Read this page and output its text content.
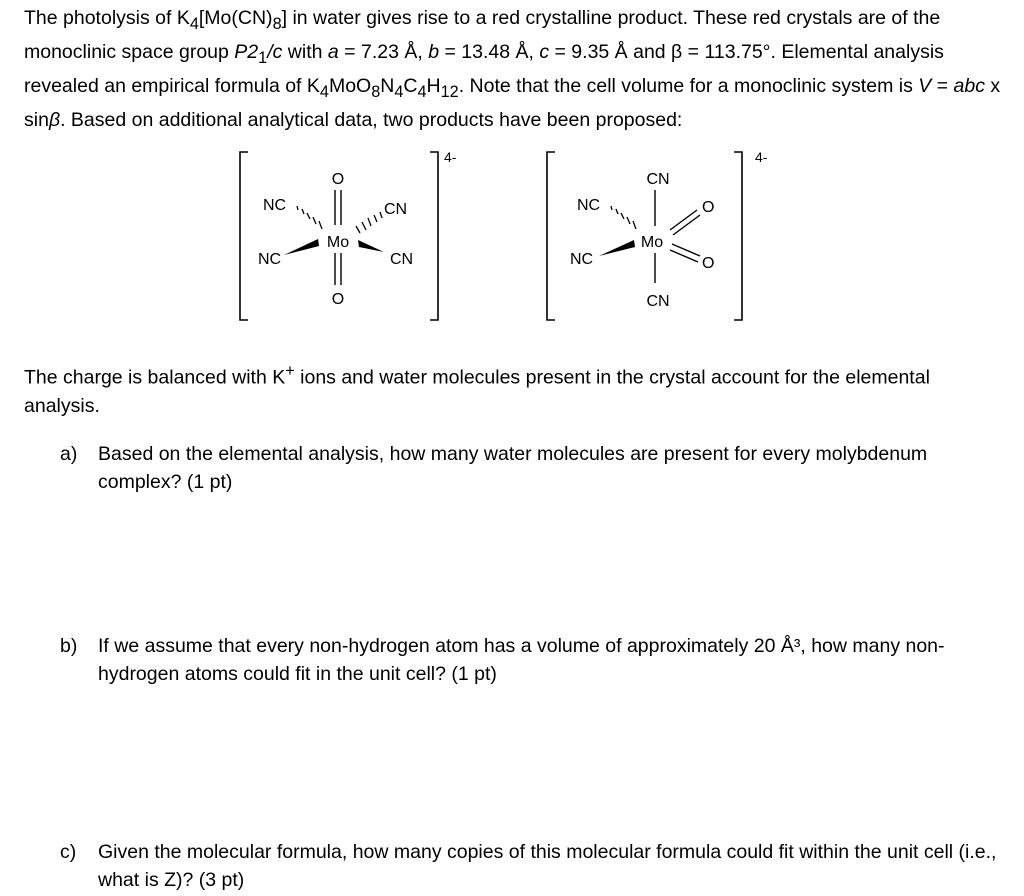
The photolysis of $K_4[Mo(CN)_8]$ in water gives rise to a red crystalline product. These red crystals are of the monoclinic space group $P2_1/c$ with a = 7.23 Å, b = 13.48 Å, c = 9.35 Å and β = 113.75°. Elemental analysis revealed an empirical formula of $K_4MoO_8N_4C_4H_{12}$. Note that the cell volume for a monoclinic system is V = abc x sinβ. Based on additional analytical data, two products have been proposed:

4-
O
Mo
O
NC	CN
NC	CN
4-
CN
Mo
CN
NC
NC
O
O

The charge is balanced with K+ ions and water molecules present in the crystal account for the elemental analysis.

a) Based on the elemental analysis, how many water molecules are present for every molybdenum complex? (1 pt)
b) If we assume that every non-hydrogen atom has a volume of approximately 20 Å³, how many non-hydrogen atoms could fit in the unit cell? (1 pt)
c) Given the molecular formula, how many copies of this molecular formula could fit within the unit cell (i.e., what is Z)? (3 pt)
